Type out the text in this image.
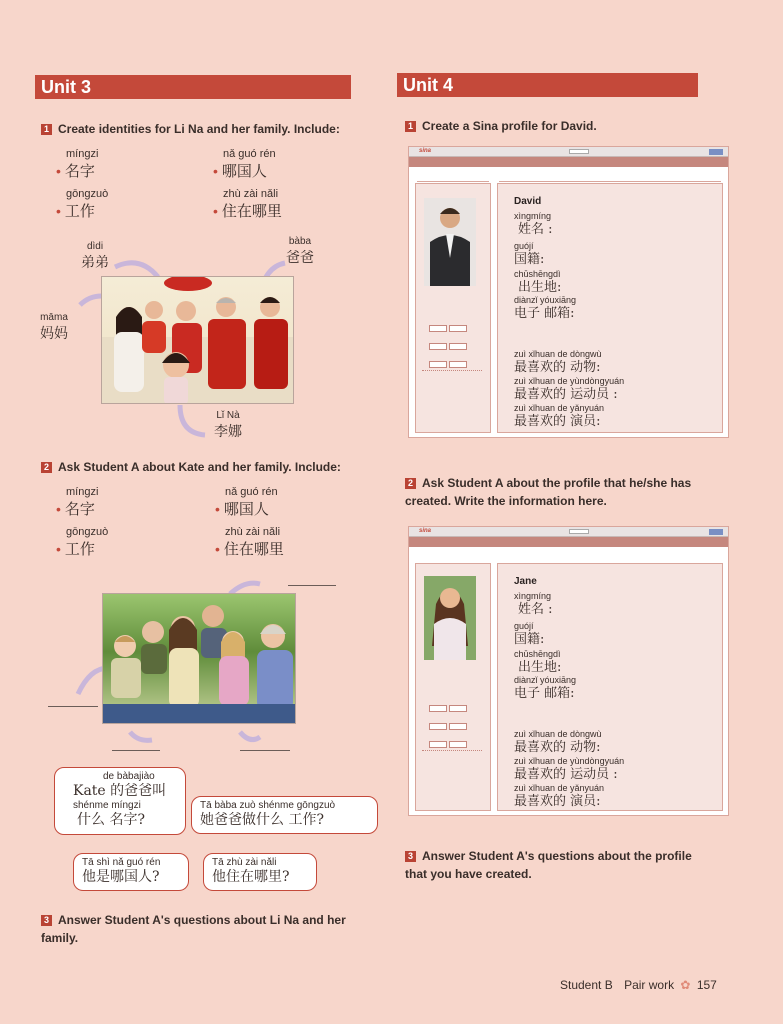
Unit 3
1 Create identities for Li Na and her family. Include:
míngzi
• 名字
nǎ guó rén
• 哪国人
gōngzuò
• 工作
zhù zài nǎli
• 住在哪里
dìdi
弟弟
bàba
爸爸
māma
妈妈
Lǐ Nà
李娜
2 Ask Student A about Kate and her family. Include:
míngzi
• 名字
nǎ guó rén
• 哪国人
gōngzuò
• 工作
zhù zài nǎli
• 住在哪里
de bàbajiào
Kate 的爸爸叫
shénme míngzi
什么 名字?
Tā bàba zuò shénme gōngzuò
她爸爸做什么 工作?
Tā shì nǎ guó rén
他是哪国人?
Tā zhù zài nǎli
他住在哪里?
3 Answer Student A's questions about Li Na and her family.
Unit 4
1 Create a Sina profile for David.
sina

David
xìngmíng
姓名 :
guójí
国籍:
chūshēngdì
出生地:
diànzǐ yóuxiāng
电子 邮箱:
zuì xǐhuan de dòngwù
最喜欢的 动物:
zuì xǐhuan de yùndòngyuán
最喜欢的 运动员 :
zuì xǐhuan de yǎnyuán
最喜欢的 演员:
2 Ask Student A about the profile that he/she has created. Write the information here.
sina

Jane
xìngmíng
姓名 :
guójí
国籍:
chūshēngdì
出生地:
diànzǐ yóuxiāng
电子 邮箱:
zuì xǐhuan de dòngwù
最喜欢的 动物:
zuì xǐhuan de yùndòngyuán
最喜欢的 运动员 :
zuì xǐhuan de yǎnyuán
最喜欢的 演员:
3 Answer Student A's questions about the profile that you have created.
Student B Pair work ✿ 157
